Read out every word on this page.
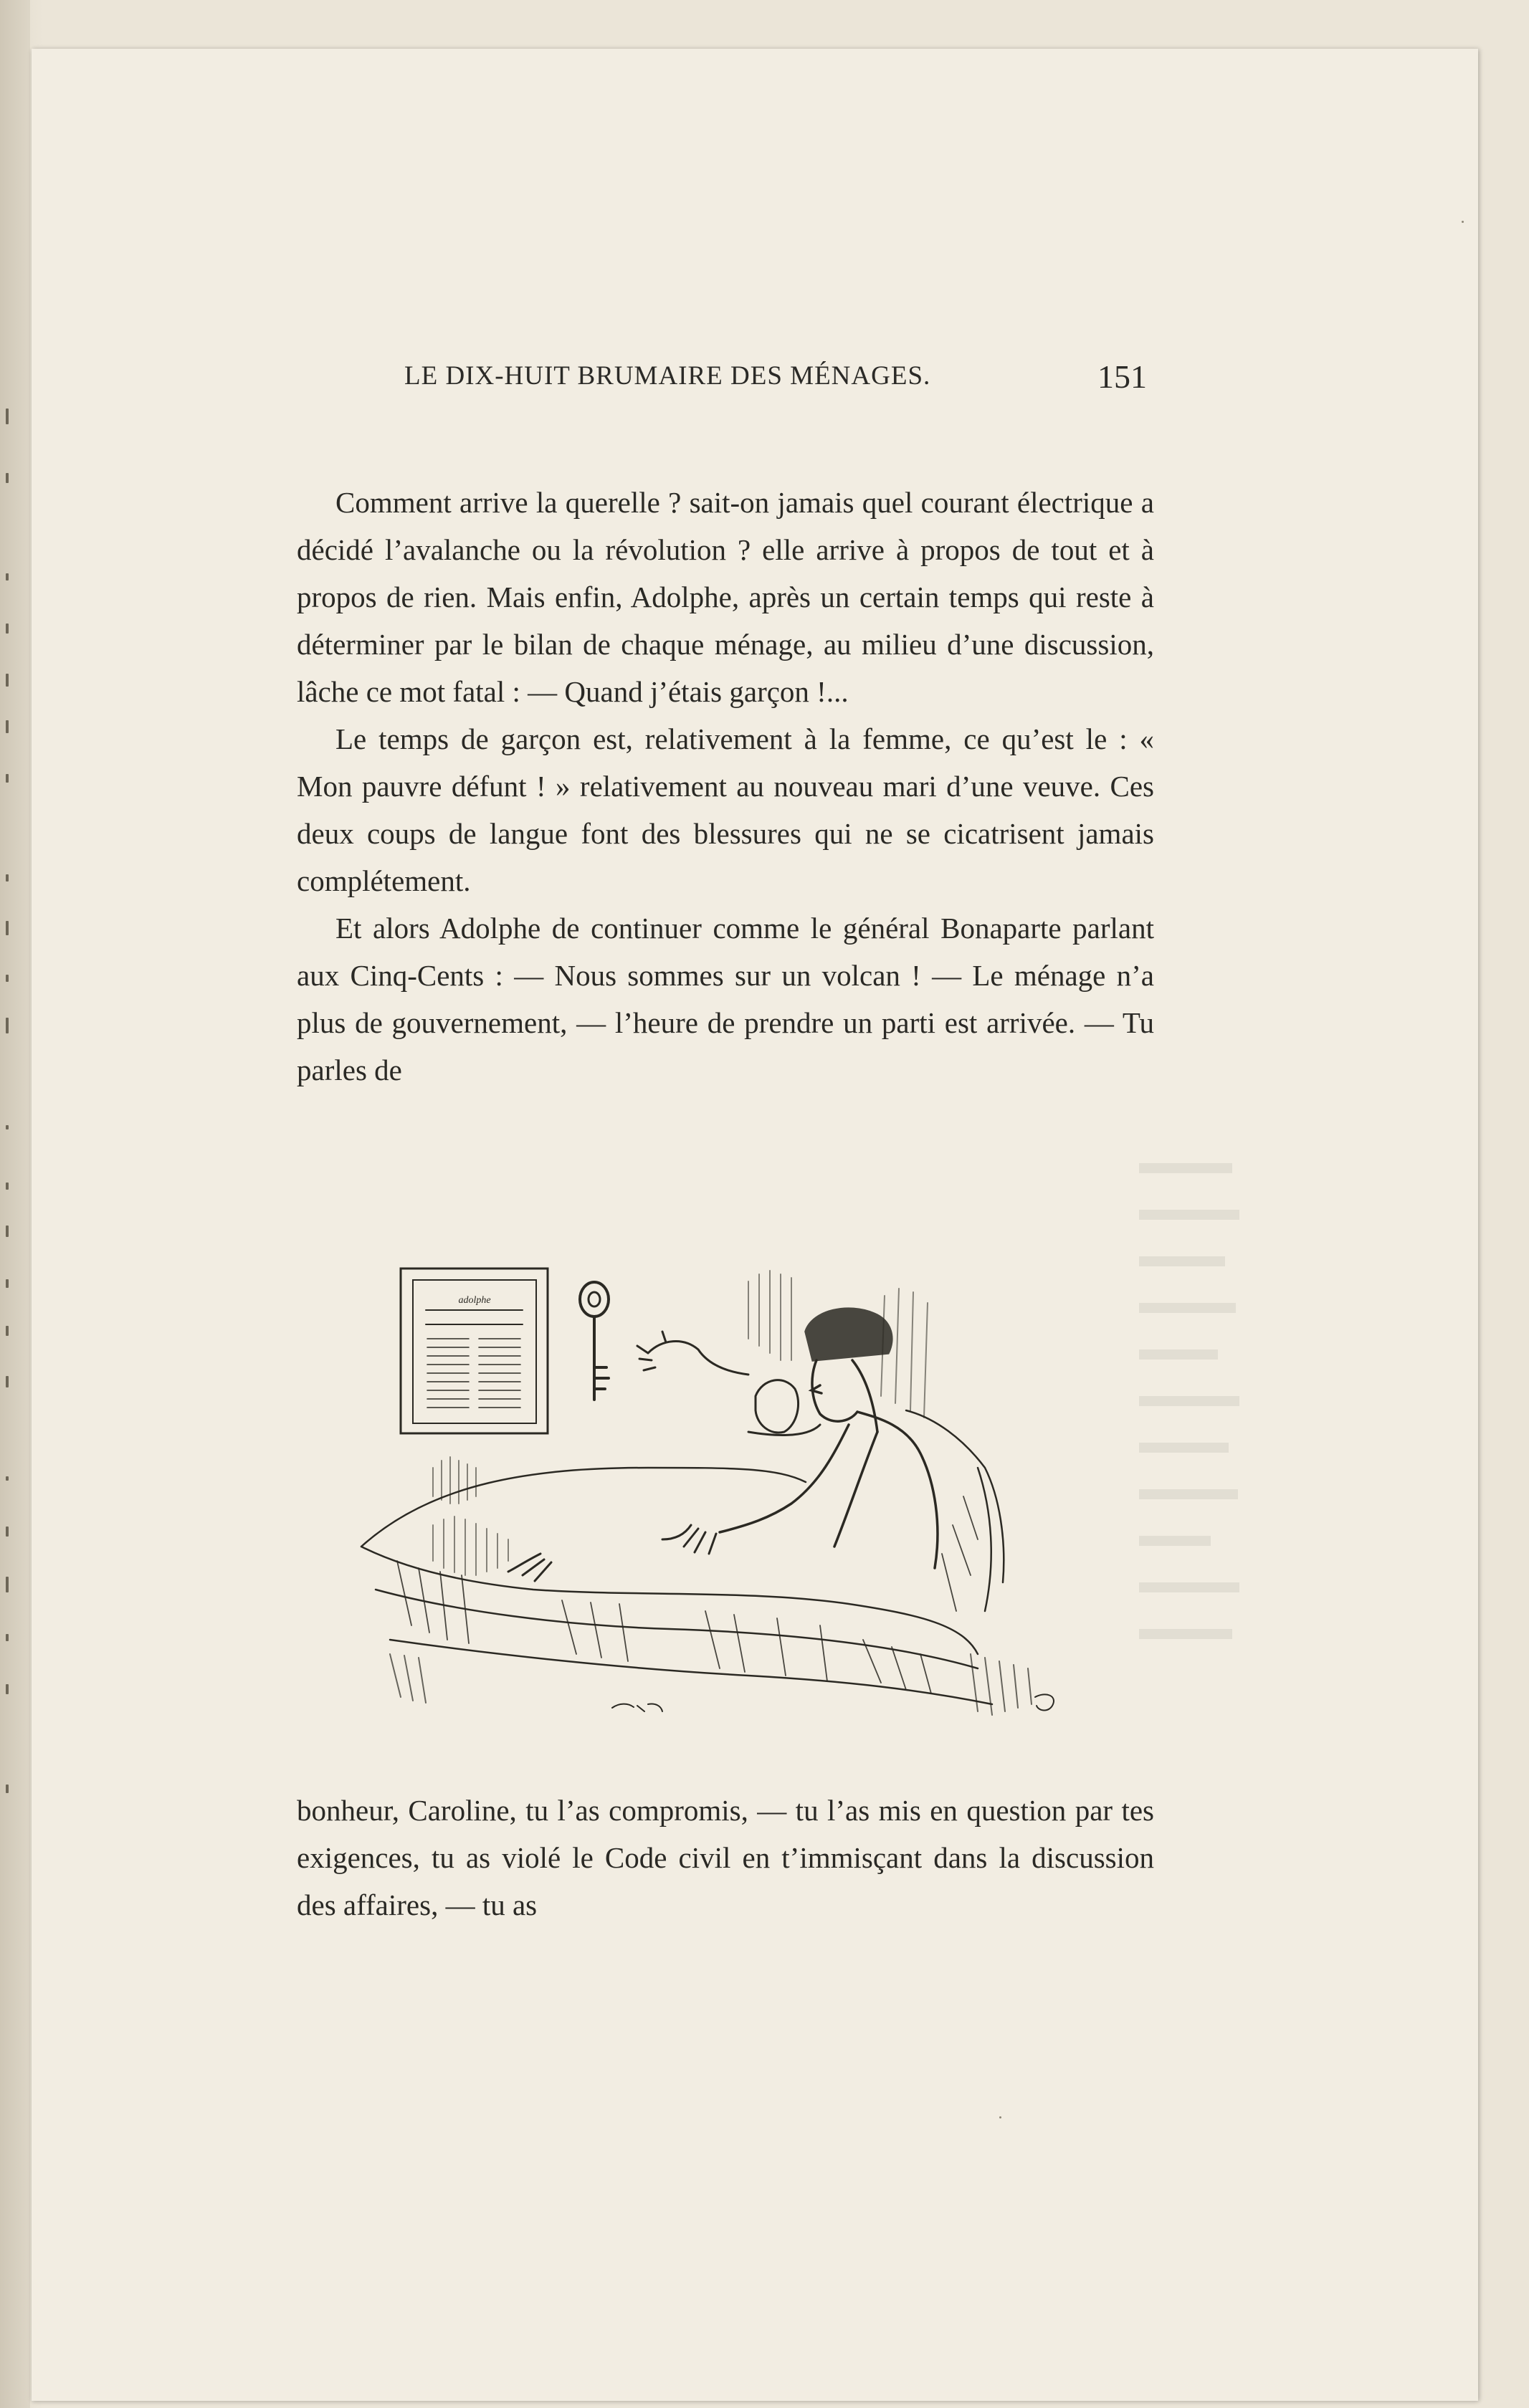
LE DIX-HUIT BRUMAIRE DES MÉNAGES.	151

Comment arrive la querelle ? sait-on jamais quel courant électrique a décidé l’avalanche ou la révolution ? elle arrive à propos de tout et à propos de rien. Mais enfin, Adolphe, après un certain temps qui reste à déterminer par le bilan de chaque ménage, au milieu d’une discussion, lâche ce mot fatal : — Quand j’étais garçon !...

Le temps de garçon est, relativement à la femme, ce qu’est le : « Mon pauvre défunt ! » relativement au nouveau mari d’une veuve. Ces deux coups de langue font des blessures qui ne se cicatrisent jamais complétement.

Et alors Adolphe de continuer comme le général Bonaparte parlant aux Cinq-Cents : — Nous sommes sur un volcan ! — Le ménage n’a plus de gouvernement, — l’heure de prendre un parti est arrivée. — Tu parles de

adolphe

bonheur, Caroline, tu l’as compromis, — tu l’as mis en question par tes exigences, tu as violé le Code civil en t’immisçant dans la discussion des affaires, — tu as
